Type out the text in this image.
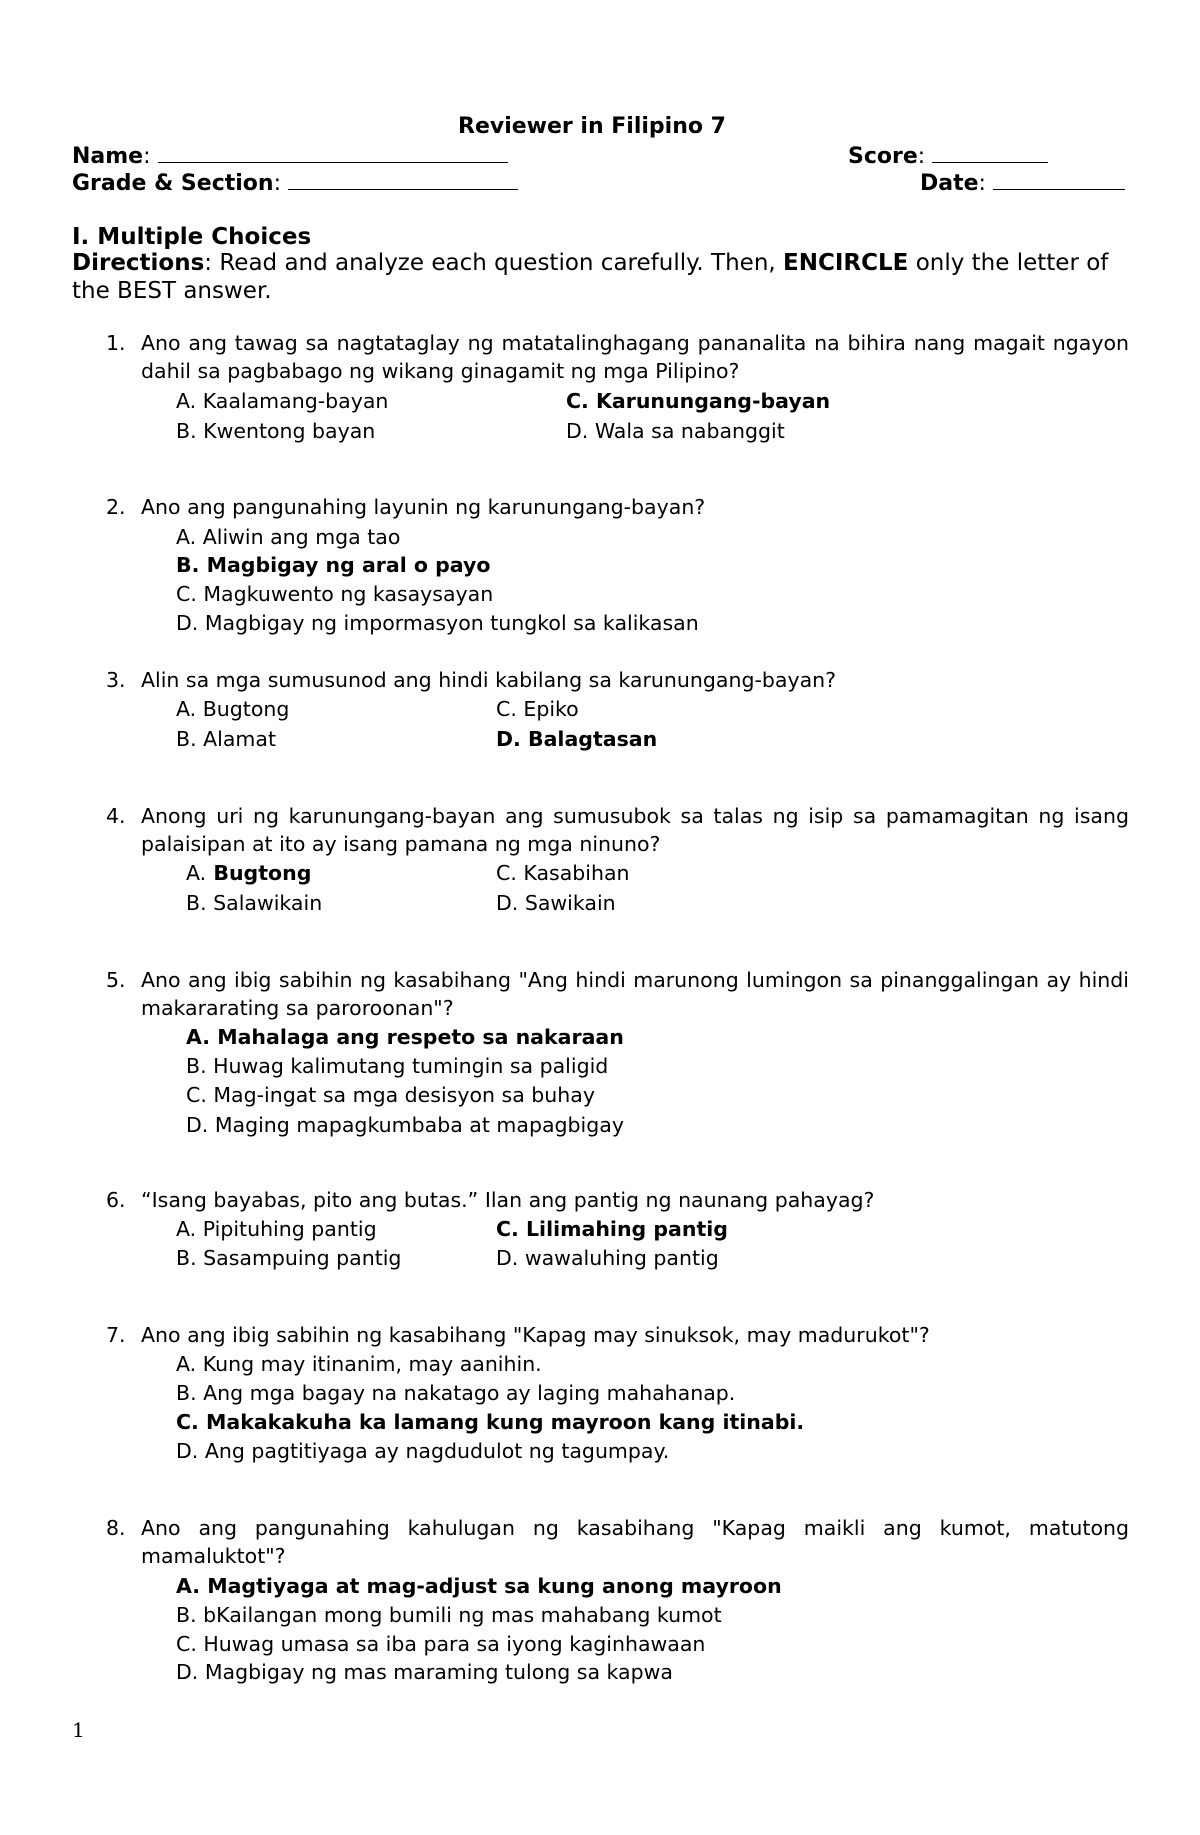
Reviewer in Filipino 7
Name:	Score:
Grade & Section:	Date:
I. Multiple Choices
Directions: Read and analyze each question carefully. Then, ENCIRCLE only the letter of the BEST answer.
1. Ano ang tawag sa nagtataglay ng matatalinghagang pananalita na bihira nang magait ngayon dahil sa pagbabago ng wikang ginagamit ng mga Pilipino?
A. Kaalamang-bayan	C. Karunungang-bayan
B. Kwentong bayan	D. Wala sa nabanggit
2. Ano ang pangunahing layunin ng karunungang-bayan?
A. Aliwin ang mga tao
B. Magbigay ng aral o payo
C. Magkuwento ng kasaysayan
D. Magbigay ng impormasyon tungkol sa kalikasan
3. Alin sa mga sumusunod ang hindi kabilang sa karunungang-bayan?
A. Bugtong	C. Epiko
B. Alamat	D. Balagtasan
4. Anong uri ng karunungang-bayan ang sumusubok sa talas ng isip sa pamamagitan ng isang palaisipan at ito ay isang pamana ng mga ninuno?
A. Bugtong	C. Kasabihan
B. Salawikain	D. Sawikain
5. Ano ang ibig sabihin ng kasabihang "Ang hindi marunong lumingon sa pinanggalingan ay hindi makararating sa paroroonan"?
A. Mahalaga ang respeto sa nakaraan
B. Huwag kalimutang tumingin sa paligid
C. Mag-ingat sa mga desisyon sa buhay
D. Maging mapagkumbaba at mapagbigay
6. “Isang bayabas, pito ang butas.” Ilan ang pantig ng naunang pahayag?
A. Pipituhing pantig	C. Lilimahing pantig
B. Sasampuing pantig	D. wawaluhing pantig
7. Ano ang ibig sabihin ng kasabihang "Kapag may sinuksok, may madurukot"?
A. Kung may itinanim, may aanihin.
B. Ang mga bagay na nakatago ay laging mahahanap.
C. Makakakuha ka lamang kung mayroon kang itinabi.
D. Ang pagtitiyaga ay nagdudulot ng tagumpay.
8. Ano ang pangunahing kahulugan ng kasabihang "Kapag maikli ang kumot, matutong mamaluktot"?
A. Magtiyaga at mag-adjust sa kung anong mayroon
B. bKailangan mong bumili ng mas mahabang kumot
C. Huwag umasa sa iba para sa iyong kaginhawaan
D. Magbigay ng mas maraming tulong sa kapwa
1
